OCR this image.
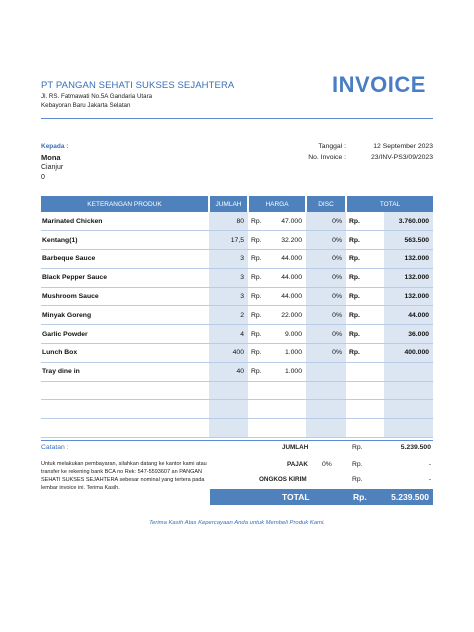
PT PANGAN SEHATI SUKSES SEJAHTERA
Jl. RS. Fatmawati No.5A Gandaria Utara
Kebayoran Baru Jakarta Selatan
INVOICE
Kepada :
Mona
Cianjur
0
Tanggal :	12 September 2023
No. Invoice :	23/INV-PS3/09/2023
KETERANGAN PRODUK	JUMLAH	HARGA		DISC	TOTAL	
Marinated Chicken	80	Rp.	47.000	0%	Rp.	3.760.000
Kentang(1)	17,5	Rp.	32.200	0%	Rp.	563.500
Barbeque Sauce	3	Rp.	44.000	0%	Rp.	132.000
Black Pepper Sauce	3	Rp.	44.000	0%	Rp.	132.000
Mushroom Sauce	3	Rp.	44.000	0%	Rp.	132.000
Minyak Goreng	2	Rp.	22.000	0%	Rp.	44.000
Garlic Powder	4	Rp.	9.000	0%	Rp.	36.000
Lunch Box	400	Rp.	1.000	0%	Rp.	400.000
Tray dine in	40	Rp.	1.000			

Catatan :
Untuk melakukan pembayaran, silahkan datang ke kantor kami atau transfer ke rekening bank BCA no Rek: 547-5593607 an PANGAN SEHATI SUKSES SEJAHTERA sebesar nominal yang tertera pada lembar invoice ini. Terima Kasih.
JUMLAH	Rp.	5.239.500
PAJAK 0%	Rp.	-
ONGKOS KIRIM	Rp.	-
TOTAL	Rp.	5.239.500
Terima Kasih Atas Kepercayaan Anda untuk Membeli Produk Kami.
